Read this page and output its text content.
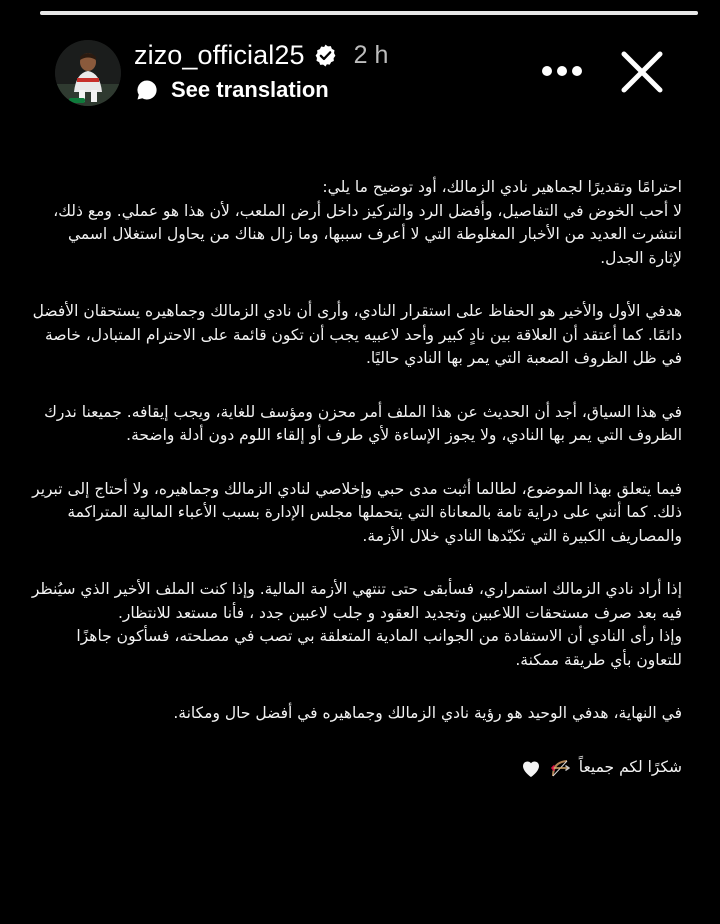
zizo_official25 2 h
See translation

احترامًا وتقديرًا لجماهير نادي الزمالك، أود توضيح ما يلي:
لا أحب الخوض في التفاصيل، وأفضل الرد والتركيز داخل أرض الملعب، لأن هذا هو عملي. ومع ذلك، انتشرت العديد من الأخبار المغلوطة التي لا أعرف سببها، وما زال هناك من يحاول استغلال اسمي لإثارة الجدل.

هدفي الأول والأخير هو الحفاظ على استقرار النادي، وأرى أن نادي الزمالك وجماهيره يستحقان الأفضل دائمًا. كما أعتقد أن العلاقة بين نادٍ كبير وأحد لاعبيه يجب أن تكون قائمة على الاحترام المتبادل، خاصة في ظل الظروف الصعبة التي يمر بها النادي حاليًا.

في هذا السياق، أجد أن الحديث عن هذا الملف أمر محزن ومؤسف للغاية، ويجب إيقافه. جميعنا ندرك الظروف التي يمر بها النادي، ولا يجوز الإساءة لأي طرف أو إلقاء اللوم دون أدلة واضحة.

فيما يتعلق بهذا الموضوع، لطالما أثبت مدى حبي وإخلاصي لنادي الزمالك وجماهيره، ولا أحتاج إلى تبرير ذلك. كما أنني على دراية تامة بالمعاناة التي يتحملها مجلس الإدارة بسبب الأعباء المالية المتراكمة والمصاريف الكبيرة التي تكبّدها النادي خلال الأزمة.

إذا أراد نادي الزمالك استمراري، فسأبقى حتى تنتهي الأزمة المالية. وإذا كنت الملف الأخير الذي سيُنظر فيه بعد صرف مستحقات اللاعبين وتجديد العقود و جلب لاعبين جدد ، فأنا مستعد للانتظار.
وإذا رأى النادي أن الاستفادة من الجوانب المادية المتعلقة بي تصب في مصلحته، فسأكون جاهزًا للتعاون بأي طريقة ممكنة.

في النهاية، هدفي الوحيد هو رؤية نادي الزمالك وجماهيره في أفضل حال ومكانة.

شكرًا لكم جميعاً
